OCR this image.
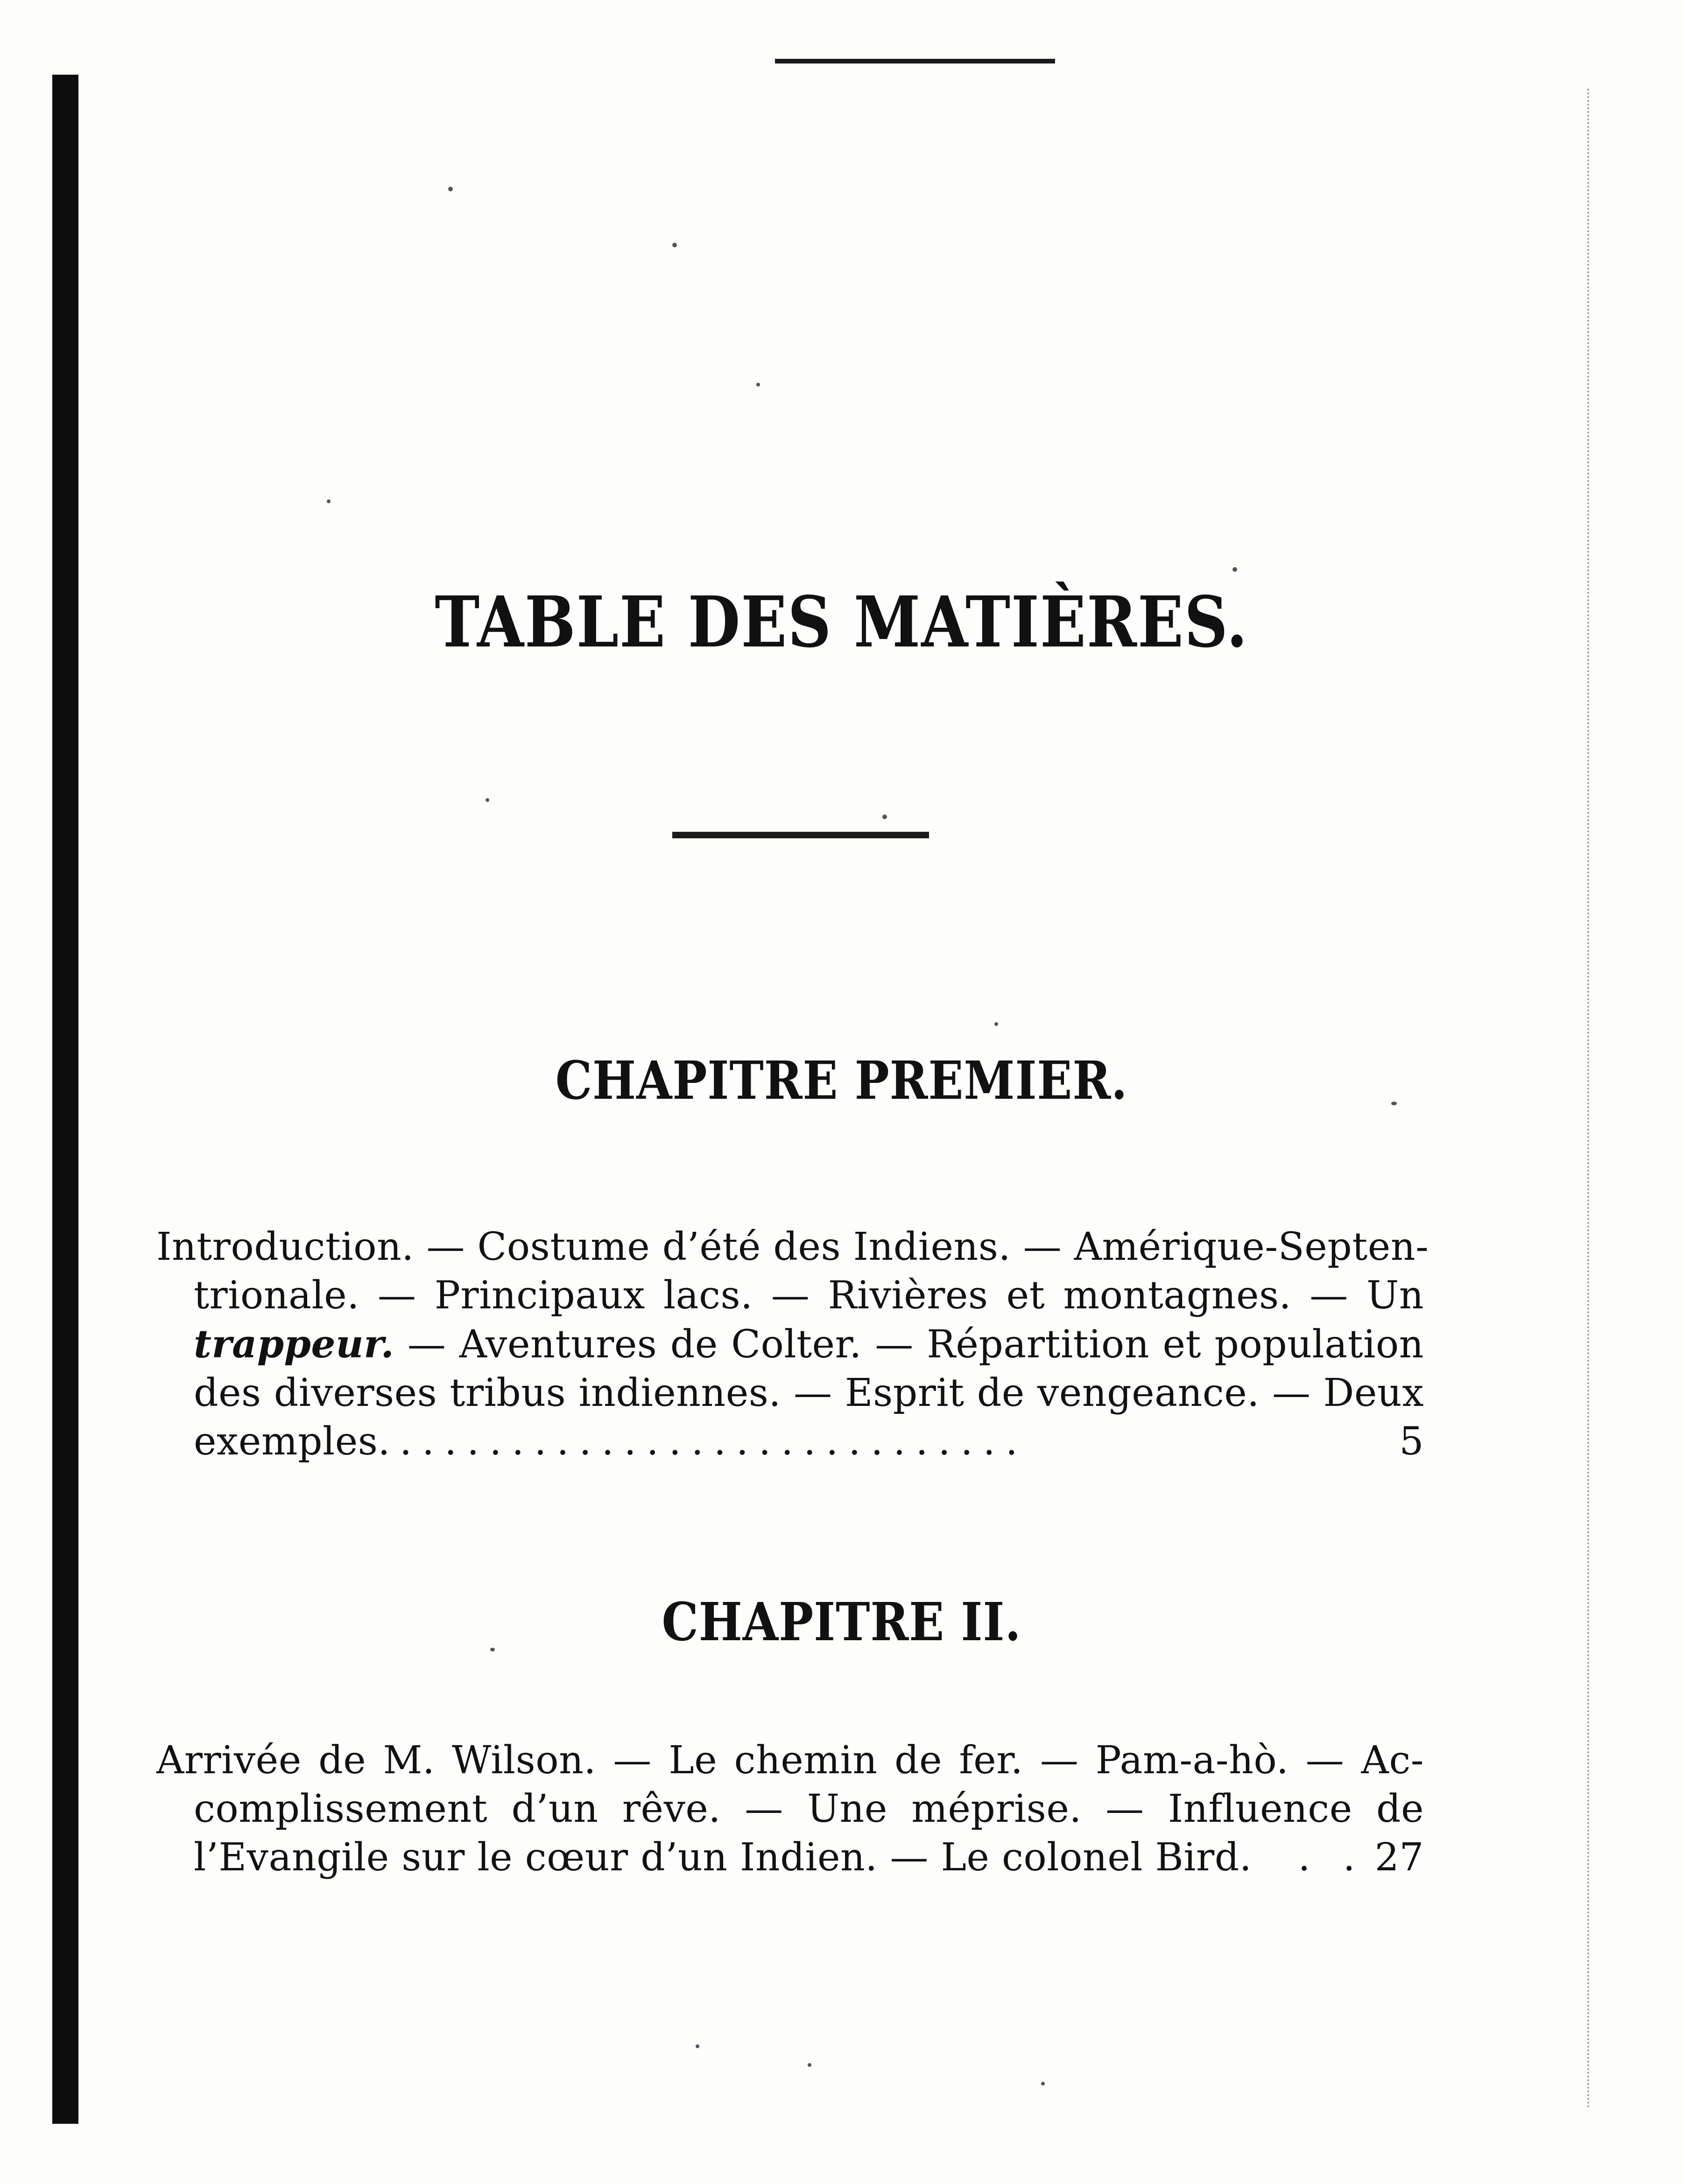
TABLE DES MATIÈRES.
CHAPITRE PREMIER.
Introduction. — Costume d’été des Indiens. — Amérique-Septen-
trionale. — Principaux lacs. — Rivières et montagnes. — Un
trappeur. — Aventures de Colter. — Répartition et population
des diverses tribus indiennes. — Esprit de vengeance. — Deux
exemples. ............................	5
CHAPITRE II.
Arrivée de M. Wilson. — Le chemin de fer. — Pam-a-hò. — Ac-
complissement d’un rêve. — Une méprise. — Influence de
l’Evangile sur le cœur d’un Indien. — Le colonel Bird.	. . 27
